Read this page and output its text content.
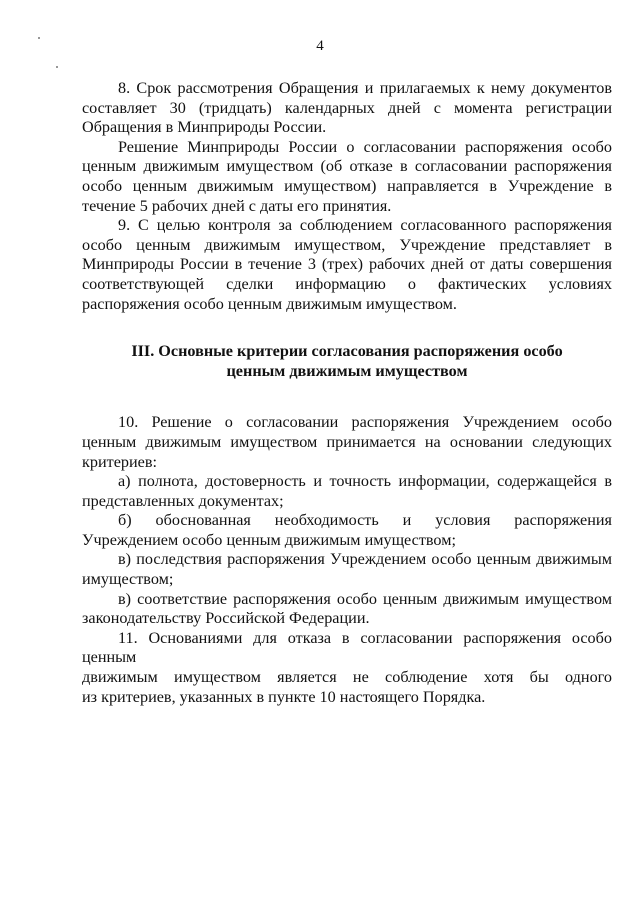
4

8. Срок рассмотрения Обращения и прилагаемых к нему документов составляет 30 (тридцать) календарных дней с момента регистрации Обращения в Минприроды России.

Решение Минприроды России о согласовании распоряжения особо ценным движимым имуществом (об отказе в согласовании распоряжения особо ценным движимым имуществом) направляется в Учреждение в течение 5 рабочих дней с даты его принятия.

9. С целью контроля за соблюдением согласованного распоряжения особо ценным движимым имуществом, Учреждение представляет в Минприроды России в течение 3 (трех) рабочих дней от даты совершения соответствующей сделки информацию о фактических условиях распоряжения особо ценным движимым имуществом.

III. Основные критерии согласования распоряжения особо
ценным движимым имуществом

10. Решение о согласовании распоряжения Учреждением особо ценным движимым имуществом принимается на основании следующих критериев:

а) полнота, достоверность и точность информации, содержащейся в представленных документах;

б) обоснованная необходимость и условия распоряжения Учреждением особо ценным движимым имуществом;

в) последствия распоряжения Учреждением особо ценным движимым имуществом;

в) соответствие распоряжения особо ценным движимым имуществом законодательству Российской Федерации.

11. Основаниями для отказа в согласовании распоряжения особо ценным

движимым имуществом является не соблюдение хотя бы одного

из критериев, указанных в пункте 10 настоящего Порядка.
